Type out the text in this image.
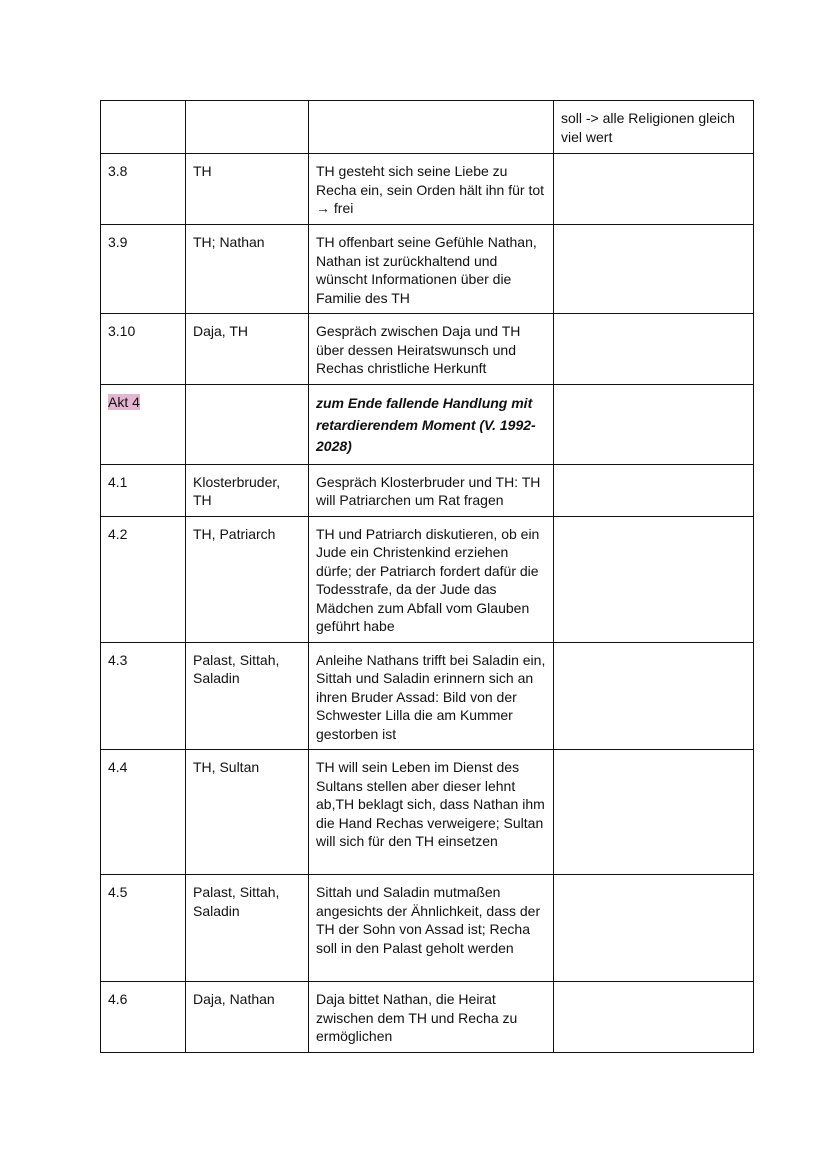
			soll -> alle Religionen gleich viel wert
3.8	TH	TH gesteht sich seine Liebe zu Recha ein, sein Orden hält ihn für tot → frei	
3.9	TH; Nathan	TH offenbart seine Gefühle Nathan, Nathan ist zurückhaltend und wünscht Informationen über die Familie des TH	
3.10	Daja, TH	Gespräch zwischen Daja und TH über dessen Heiratswunsch und Rechas christliche Herkunft	
Akt 4		zum Ende fallende Handlung mit retardierendem Moment (V. 1992-2028)	
4.1	Klosterbruder, TH	Gespräch Klosterbruder und TH: TH will Patriarchen um Rat fragen	
4.2	TH, Patriarch	TH und Patriarch diskutieren, ob ein Jude ein Christenkind erziehen dürfe; der Patriarch fordert dafür die Todesstrafe, da der Jude das Mädchen zum Abfall vom Glauben geführt habe	
4.3	Palast, Sittah, Saladin	Anleihe Nathans trifft bei Saladin ein, Sittah und Saladin erinnern sich an ihren Bruder Assad: Bild von der Schwester Lilla die am Kummer gestorben ist	
4.4	TH, Sultan	TH will sein Leben im Dienst des Sultans stellen aber dieser lehnt ab,TH beklagt sich, dass Nathan ihm die Hand Rechas verweigere; Sultan will sich für den TH einsetzen	
4.5	Palast, Sittah, Saladin	Sittah und Saladin mutmaßen angesichts der Ähnlichkeit, dass der TH der Sohn von Assad ist; Recha soll in den Palast geholt werden	
4.6	Daja, Nathan	Daja bittet Nathan, die Heirat zwischen dem TH und Recha zu ermöglichen	
